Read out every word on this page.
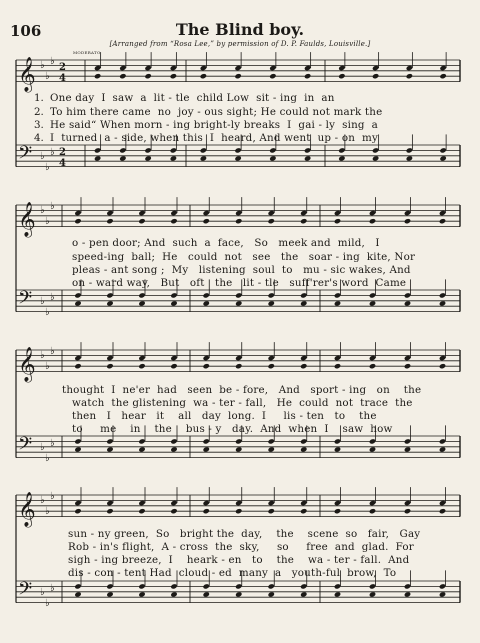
106	The Blind boy.
[Arranged from “Rosa Lee,” by permission of D. P. Faulds, Louisville.]
MODERATO
𝄞 ♭
♭
♭
2
4
𝄢 ♭
♭
♭ 2
4
𝄞 ♭
♭
♭
𝄢 ♭
♭
♭
𝄞 ♭
♭
♭
𝄢 ♭
♭
♭
𝄞 ♭
♭
♭
𝄢 ♭
♭
♭
1. One day  I  saw  a  lit - tle  child Low  sit - ing  in  an
2. To him there came  no  joy - ous sight; He could not mark the
3. He said“ When morn - ing bright-ly breaks  I  gai - ly  sing  a
4. I  turned  a - side, when this  I  heard, And went  up - on  my
o - pen door; And  such  a  face,   So   meek and  mild,   I
speed-ing  ball;  He   could  not   see   the   soar - ing  kite, Nor
pleas - ant song ;  My   listening  soul  to   mu - sic wakes, And
on - ward way,   But   oft   the   lit - tle   suff'rer's word  Came
thought  I  ne'er  had   seen  be - fore,   And   sport - ing   on    the
watch  the glistening  wa - ter - fall,   He  could  not  trace  the
then   I   hear   it    all   day  long.  I     lis - ten   to    the
to     me    in    the    bus - y   day.  And  when  I    saw  how
sun - ny green,  So   bright the  day,    the    scene  so   fair,   Gay
Rob - in's flight,  A - cross  the  sky,     so     free  and  glad.  For
sigh - ing breeze,  I    heark - en   to    the    wa - ter - fall.  And
dis - con - tent Had  cloud - ed  many  a   youth-ful  brow,  To
